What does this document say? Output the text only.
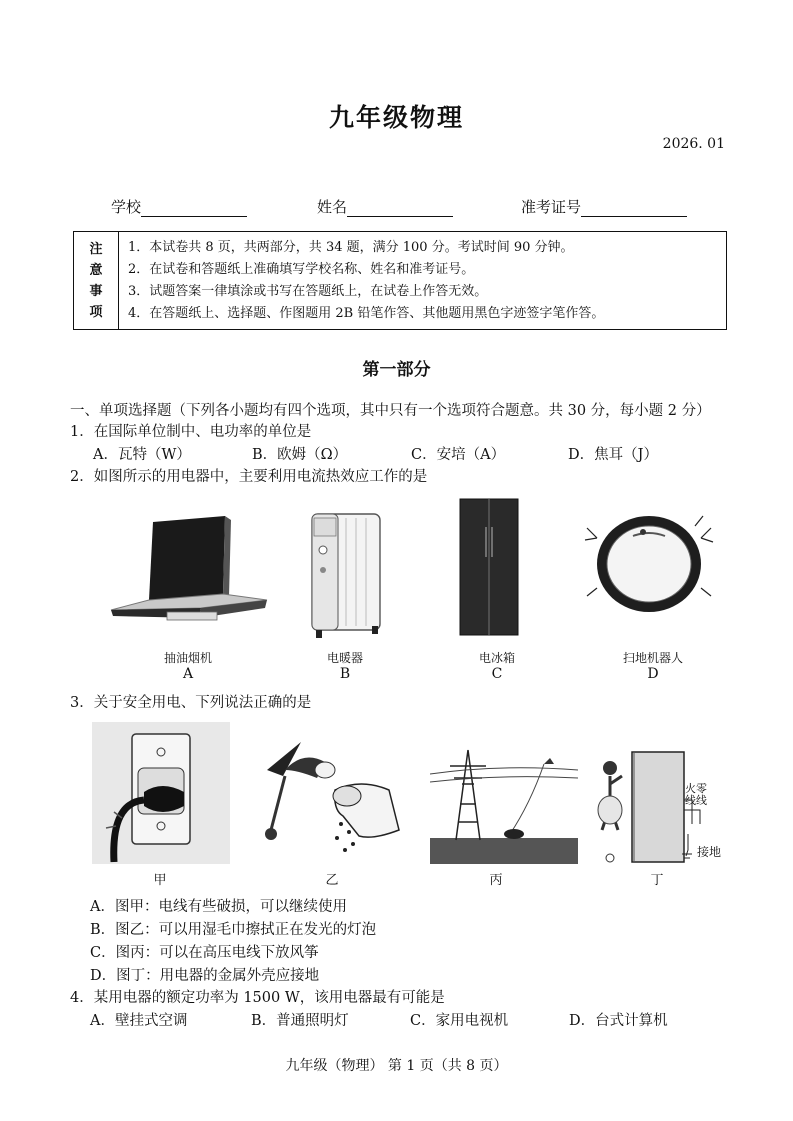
九年级物理
2026. 01
学校	姓名	准考证号
注
意
事
项
1．本试卷共 8 页，共两部分，共 34 题，满分 100 分。考试时间 90 分钟。
2．在试卷和答题纸上准确填写学校名称、姓名和准考证号。
3．试题答案一律填涂或书写在答题纸上，在试卷上作答无效。
4．在答题纸上、选择题、作图题用 2B 铅笔作答、其他题用黑色字迹签字笔作答。
第一部分
一、单项选择题（下列各小题均有四个选项，其中只有一个选项符合题意。共 30 分，每小题 2 分）
1．在国际单位制中、电功率的单位是
A．瓦特（W）	B．欧姆（Ω）	C．安培（A）	D．焦耳（J）
2．如图所示的用电器中，主要利用电流热效应工作的是
抽油烟机	电暖器	电冰箱	扫地机器人
A	B	C	D
3．关于安全用电、下列说法正确的是
火零
线线
接地
甲	乙	丙	丁
A．图甲：电线有些破损，可以继续使用
B．图乙：可以用湿毛巾擦拭正在发光的灯泡
C．图丙：可以在高压电线下放风筝
D．图丁：用电器的金属外壳应接地
4．某用电器的额定功率为 1500 W，该用电器最有可能是
A．壁挂式空调	B．普通照明灯	C．家用电视机	D．台式计算机
九年级（物理） 第 1 页（共 8 页）
